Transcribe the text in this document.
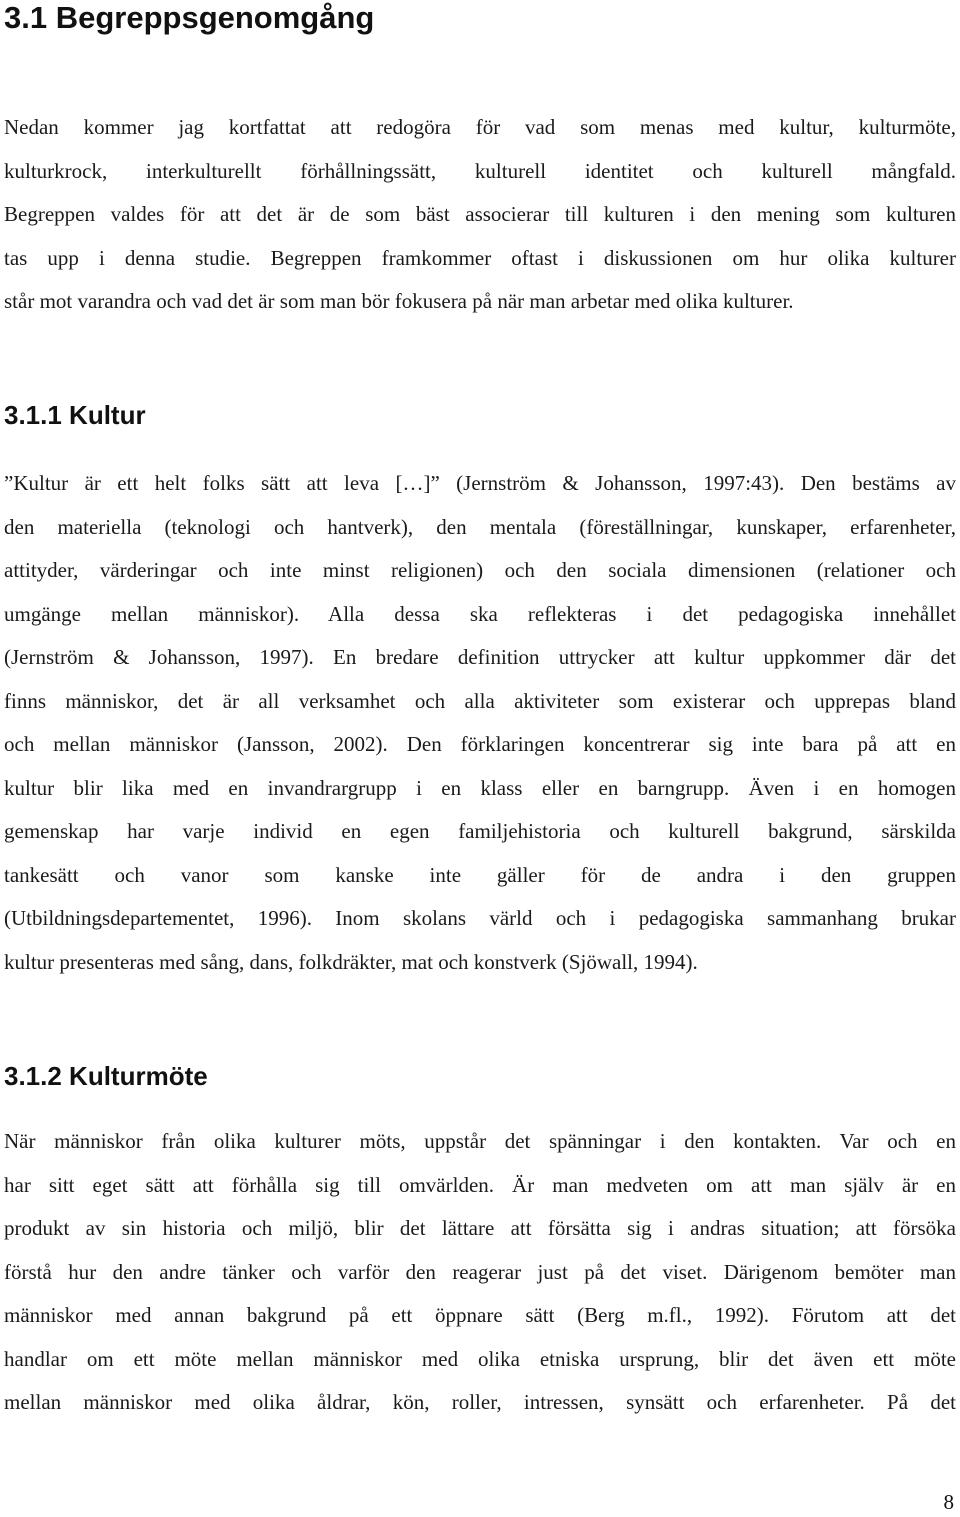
3.1 Begreppsgenomgång
Nedan kommer jag kortfattat att redogöra för vad som menas med kultur, kulturmöte,
kulturkrock, interkulturellt förhållningssätt, kulturell identitet och kulturell mångfald.
Begreppen valdes för att det är de som bäst associerar till kulturen i den mening som kulturen
tas upp i denna studie. Begreppen framkommer oftast i diskussionen om hur olika kulturer
står mot varandra och vad det är som man bör fokusera på när man arbetar med olika kulturer.
3.1.1 Kultur
”Kultur är ett helt folks sätt att leva […]” (Jernström & Johansson, 1997:43). Den bestäms av
den materiella (teknologi och hantverk), den mentala (föreställningar, kunskaper, erfarenheter,
attityder, värderingar och inte minst religionen) och den sociala dimensionen (relationer och
umgänge mellan människor). Alla dessa ska reflekteras i det pedagogiska innehållet
(Jernström & Johansson, 1997). En bredare definition uttrycker att kultur uppkommer där det
finns människor, det är all verksamhet och alla aktiviteter som existerar och upprepas bland
och mellan människor (Jansson, 2002). Den förklaringen koncentrerar sig inte bara på att en
kultur blir lika med en invandrargrupp i en klass eller en barngrupp. Även i en homogen
gemenskap har varje individ en egen familjehistoria och kulturell bakgrund, särskilda
tankesätt och vanor som kanske inte gäller för de andra i den gruppen
(Utbildningsdepartementet, 1996). Inom skolans värld och i pedagogiska sammanhang brukar
kultur presenteras med sång, dans, folkdräkter, mat och konstverk (Sjöwall, 1994).
3.1.2 Kulturmöte
När människor från olika kulturer möts, uppstår det spänningar i den kontakten. Var och en
har sitt eget sätt att förhålla sig till omvärlden. Är man medveten om att man själv är en
produkt av sin historia och miljö, blir det lättare att försätta sig i andras situation; att försöka
förstå hur den andre tänker och varför den reagerar just på det viset. Därigenom bemöter man
människor med annan bakgrund på ett öppnare sätt (Berg m.fl., 1992). Förutom att det
handlar om ett möte mellan människor med olika etniska ursprung, blir det även ett möte
mellan människor med olika åldrar, kön, roller, intressen, synsätt och erfarenheter. På det
8
